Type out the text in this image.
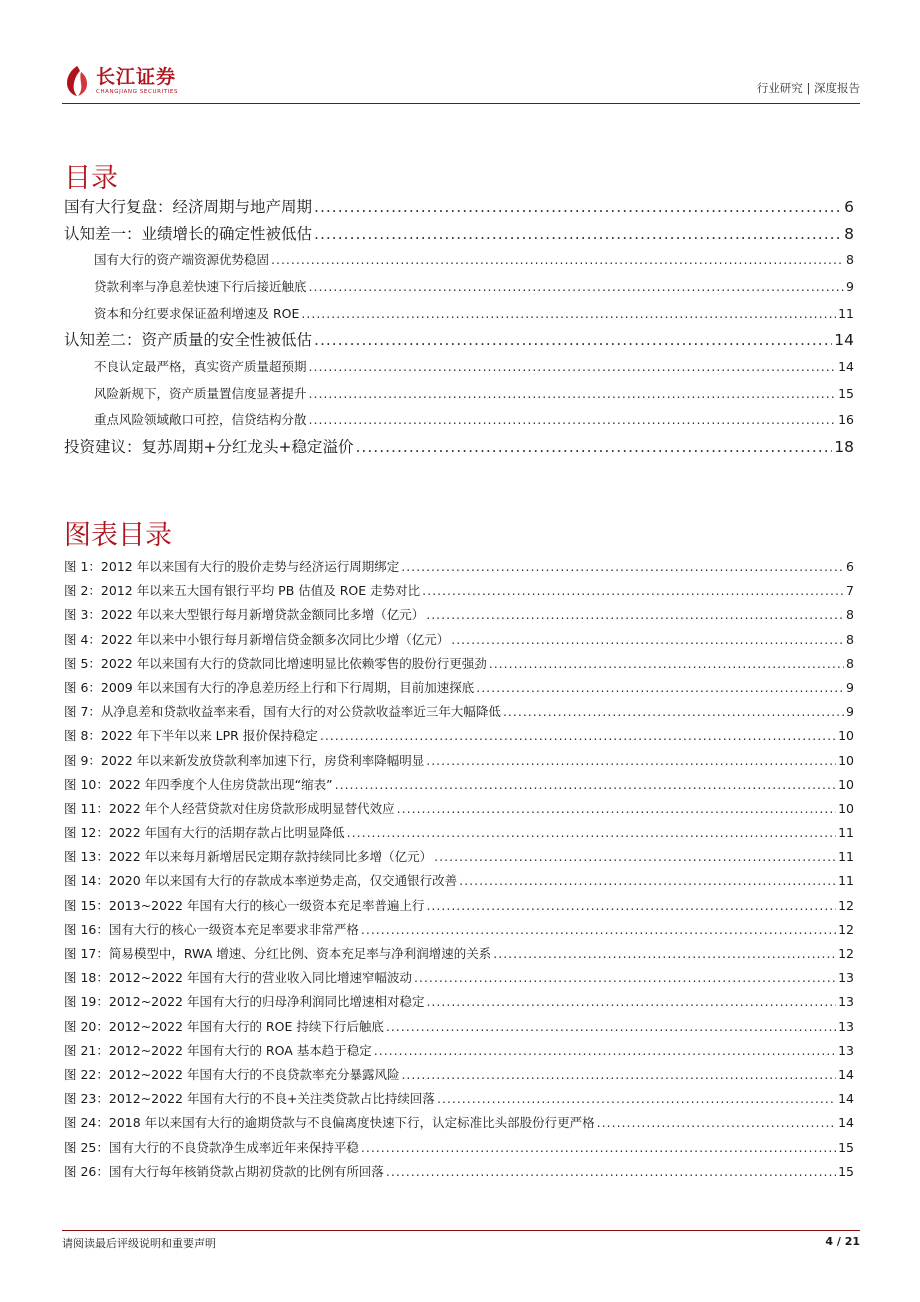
长江证券
CHANGJIANG SECURITIES	行业研究 | 深度报告
目录
国有大行复盘：经济周期与地产周期 .....	6
认知差一：业绩增长的确定性被低估 .....	8
国有大行的资产端资源优势稳固 .....	8
贷款利率与净息差快速下行后接近触底 .....	9
资本和分红要求保证盈利增速及 ROE .....	11
认知差二：资产质量的安全性被低估 .....	14
不良认定最严格，真实资产质量超预期 .....	14
风险新规下，资产质量置信度显著提升 .....	15
重点风险领域敞口可控，信贷结构分散 .....	16
投资建议：复苏周期+分红龙头+稳定溢价 .....	18
图表目录
图 1：2012 年以来国有大行的股价走势与经济运行周期绑定 .....	6
图 2：2012 年以来五大国有银行平均 PB 估值及 ROE 走势对比 .....	7
图 3：2022 年以来大型银行每月新增贷款金额同比多增（亿元） .....	8
图 4：2022 年以来中小银行每月新增信贷金额多次同比少增（亿元） .....	8
图 5：2022 年以来国有大行的贷款同比增速明显比依赖零售的股份行更强劲 .....	8
图 6：2009 年以来国有大行的净息差历经上行和下行周期，目前加速探底 .....	9
图 7：从净息差和贷款收益率来看，国有大行的对公贷款收益率近三年大幅降低 .....	9
图 8：2022 年下半年以来 LPR 报价保持稳定 .....	10
图 9：2022 年以来新发放贷款利率加速下行，房贷利率降幅明显 .....	10
图 10：2022 年四季度个人住房贷款出现“缩表” .....	10
图 11：2022 年个人经营贷款对住房贷款形成明显替代效应 .....	10
图 12：2022 年国有大行的活期存款占比明显降低 .....	11
图 13：2022 年以来每月新增居民定期存款持续同比多增（亿元） .....	11
图 14：2020 年以来国有大行的存款成本率逆势走高，仅交通银行改善 .....	11
图 15：2013~2022 年国有大行的核心一级资本充足率普遍上行 .....	12
图 16：国有大行的核心一级资本充足率要求非常严格 .....	12
图 17：简易模型中，RWA 增速、分红比例、资本充足率与净利润增速的关系 .....	12
图 18：2012~2022 年国有大行的营业收入同比增速窄幅波动 .....	13
图 19：2012~2022 年国有大行的归母净利润同比增速相对稳定 .....	13
图 20：2012~2022 年国有大行的 ROE 持续下行后触底 .....	13
图 21：2012~2022 年国有大行的 ROA 基本趋于稳定 .....	13
图 22：2012~2022 年国有大行的不良贷款率充分暴露风险 .....	14
图 23：2012~2022 年国有大行的不良+关注类贷款占比持续回落 .....	14
图 24：2018 年以来国有大行的逾期贷款与不良偏离度快速下行，认定标准比头部股份行更严格 .....	14
图 25：国有大行的不良贷款净生成率近年来保持平稳 .....	15
图 26：国有大行每年核销贷款占期初贷款的比例有所回落 .....	15
请阅读最后评级说明和重要声明	4 / 21
